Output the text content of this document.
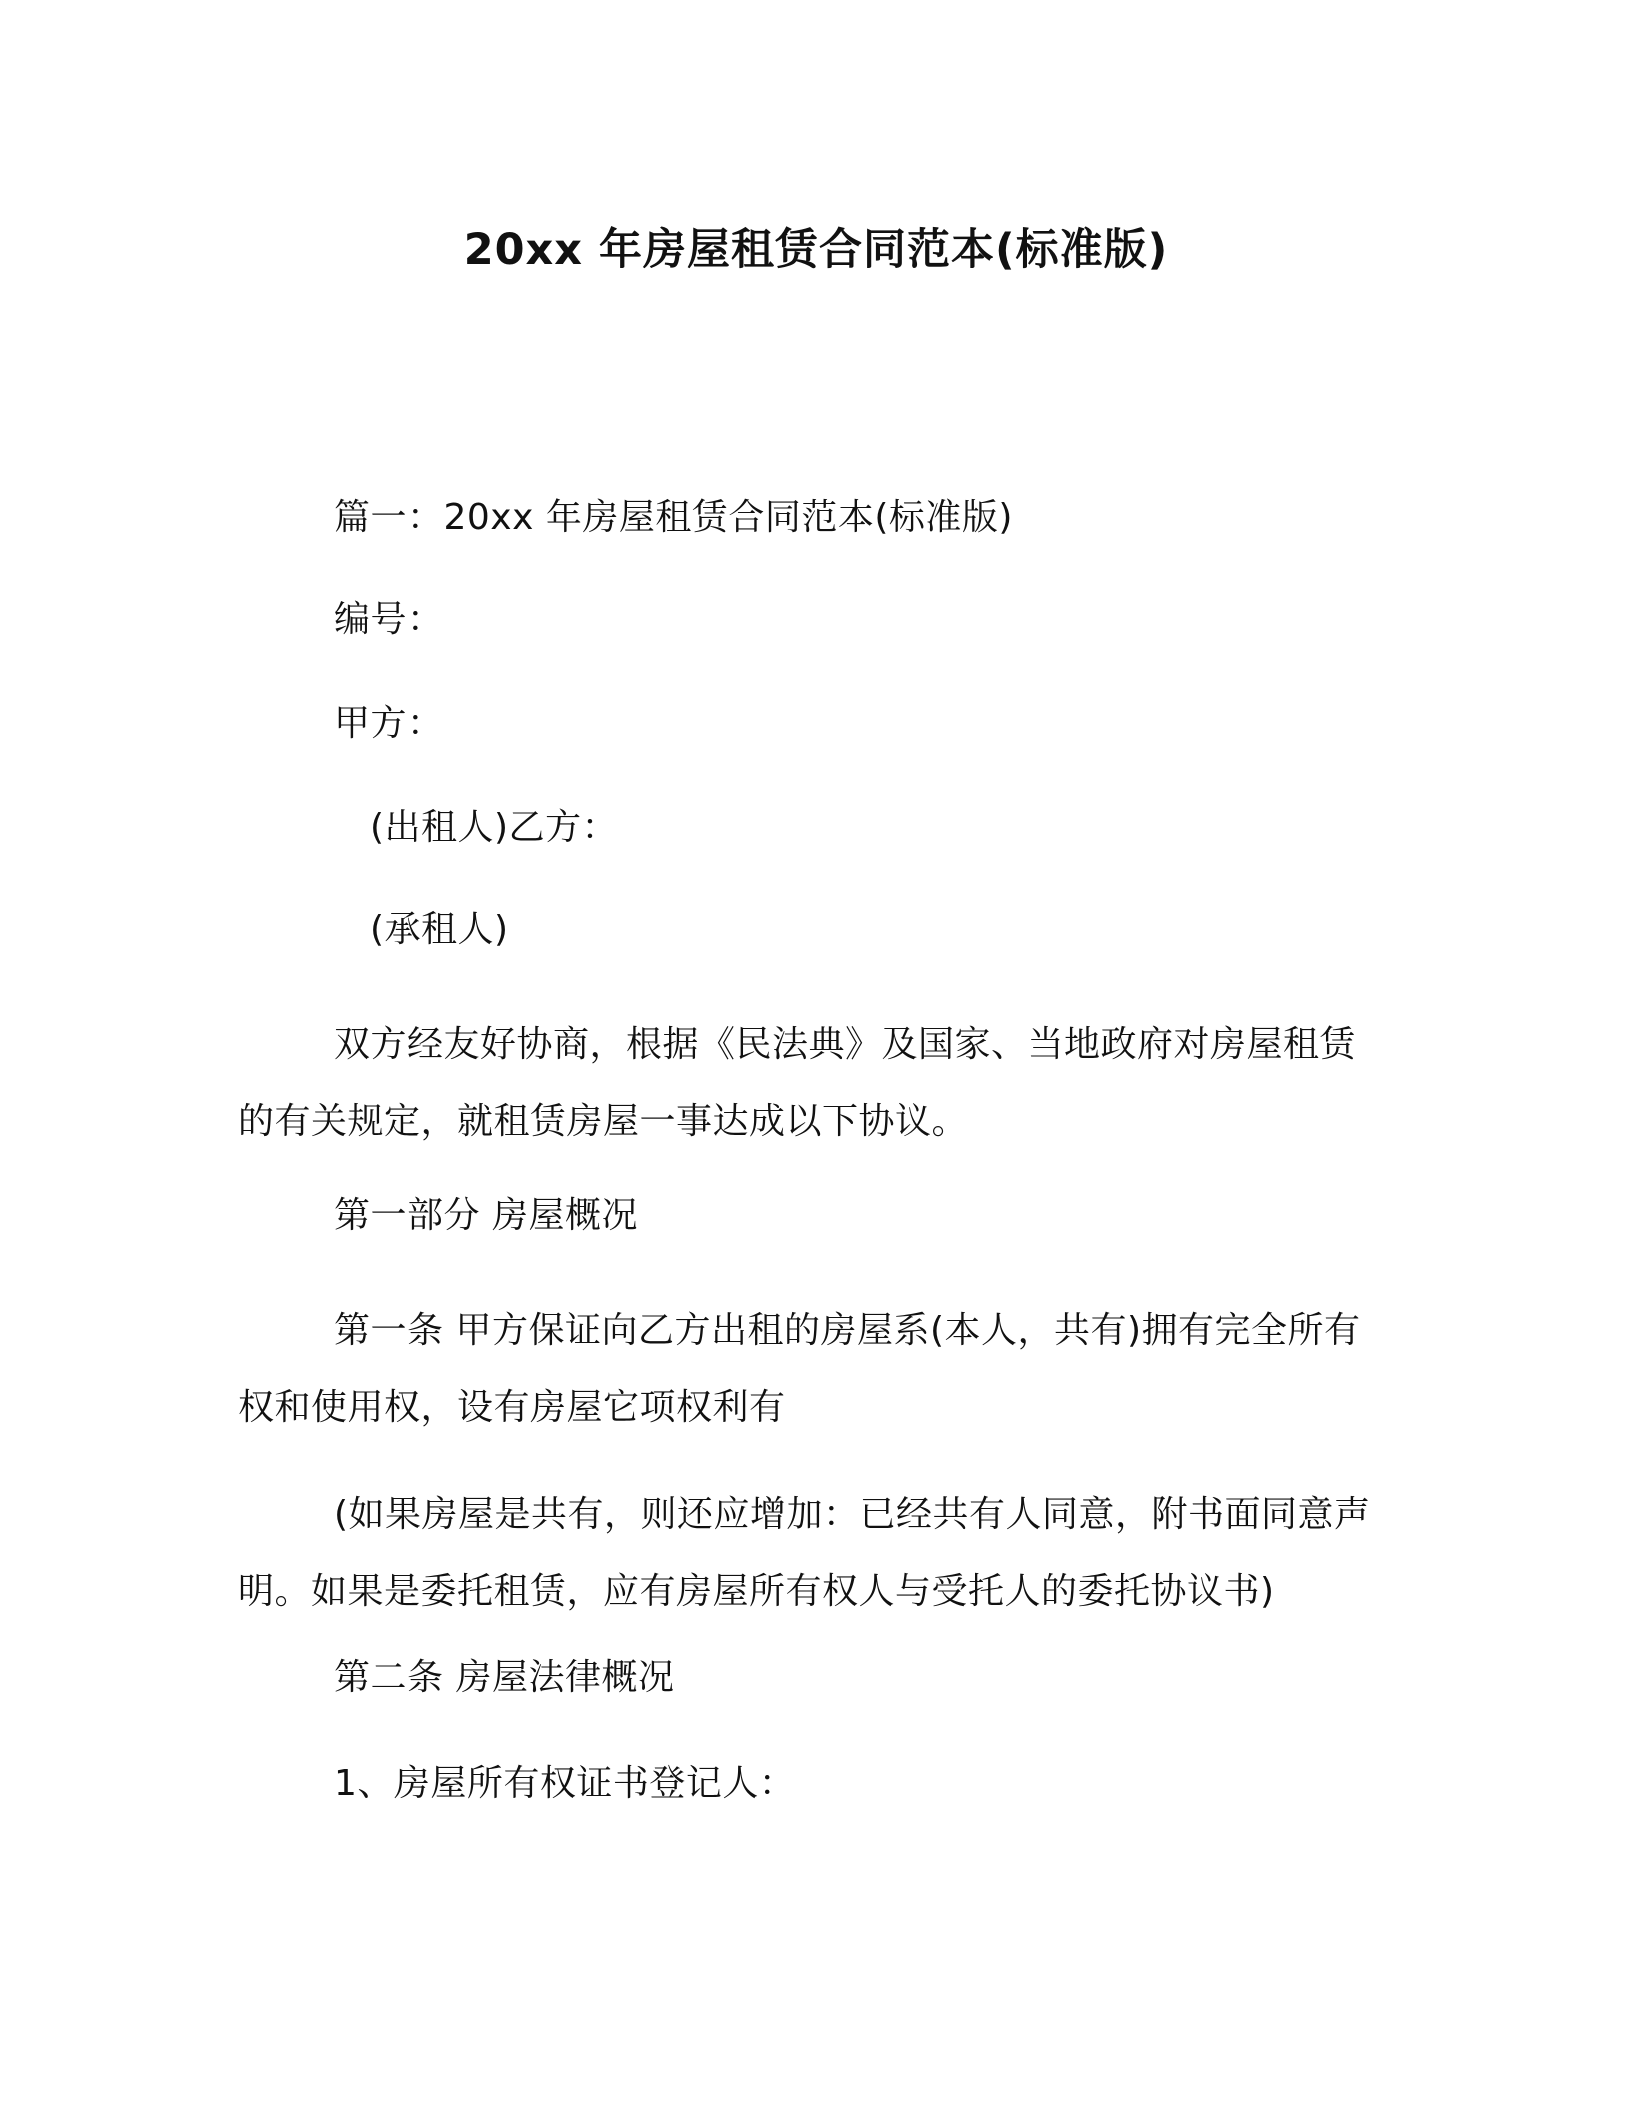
20xx 年房屋租赁合同范本(标准版)

篇一：20xx 年房屋租赁合同范本(标准版)

编号：

甲方：

(出租人)乙方：

(承租人)

双方经友好协商，根据《民法典》及国家、当地政府对房屋租赁的有关规定，就租赁房屋一事达成以下协议。

第一部分 房屋概况

第一条 甲方保证向乙方出租的房屋系(本人，共有)拥有完全所有权和使用权，设有房屋它项权利有

(如果房屋是共有，则还应增加：已经共有人同意，附书面同意声明。如果是委托租赁，应有房屋所有权人与受托人的委托协议书)

第二条 房屋法律概况

1、房屋所有权证书登记人：
